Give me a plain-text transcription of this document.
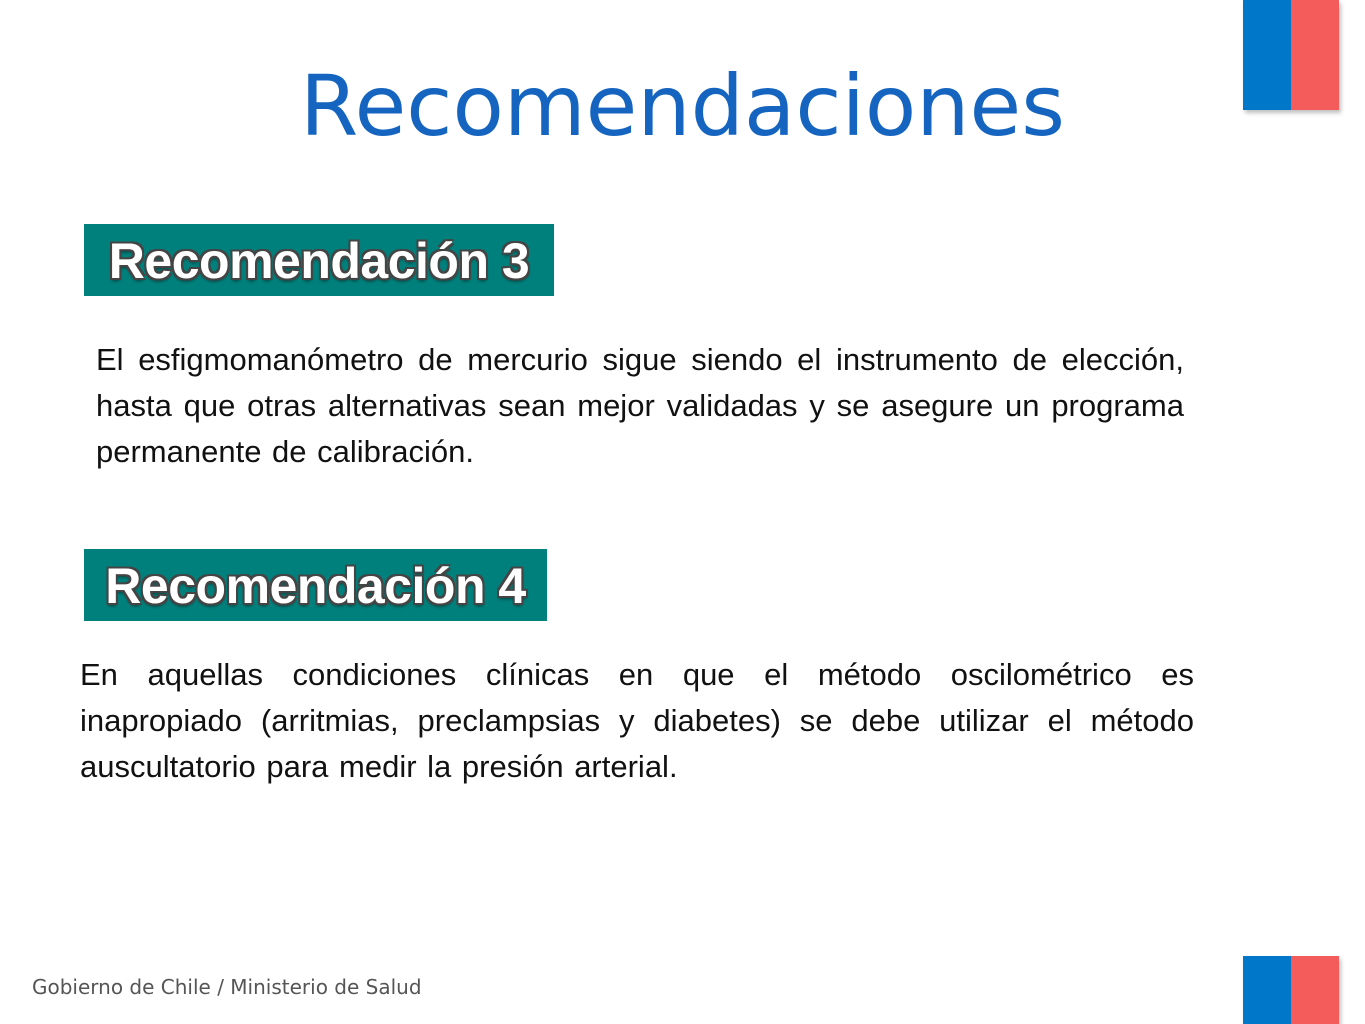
Recomendaciones
Recomendación 3

El esfigmomanómetro de mercurio sigue siendo el instrumento de elección, hasta que otras alternativas sean mejor validadas y se asegure un programa permanente de calibración.

Recomendación 4

En aquellas condiciones clínicas en que el método oscilométrico es inapropiado (arritmias, preclampsias y diabetes) se debe utilizar el método auscultatorio para medir la presión arterial.

Gobierno de Chile / Ministerio de Salud
